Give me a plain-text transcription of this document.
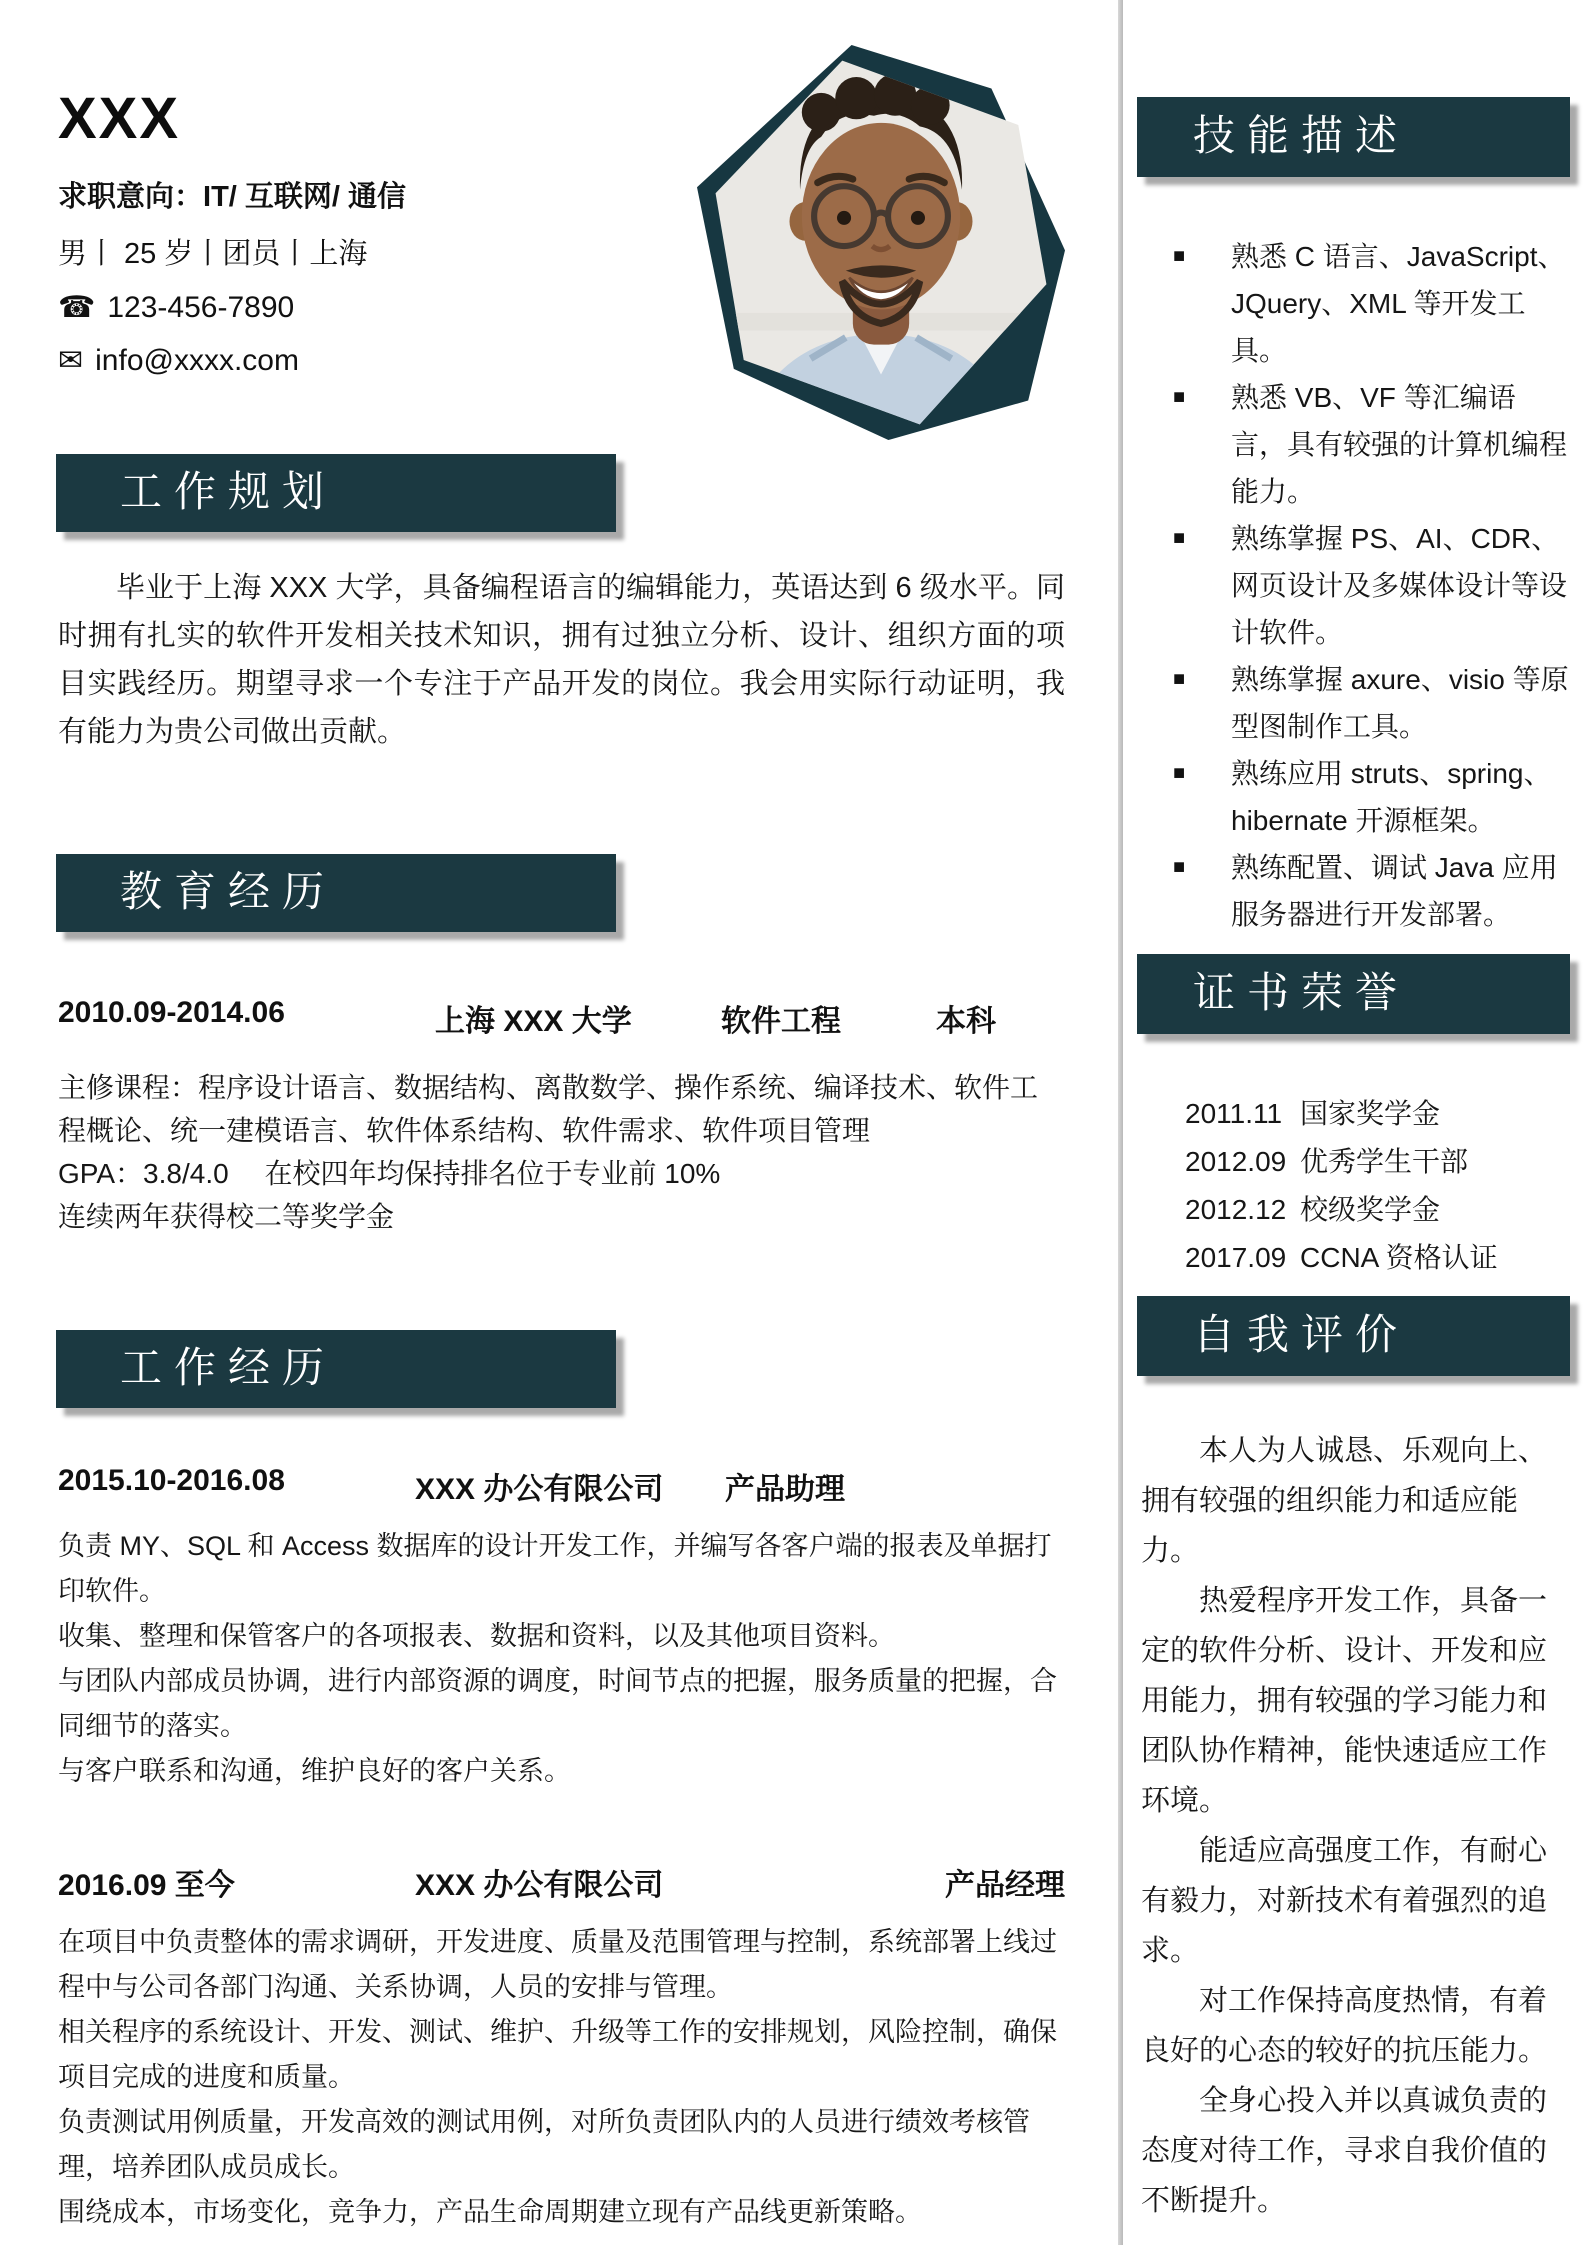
XXX
求职意向：IT/ 互联网/ 通信
男丨 25 岁丨团员丨上海
☎ 123-456-7890
✉ info@xxxx.com
工作规划

毕业于上海 XXX 大学，具备编程语言的编辑能力，英语达到 6 级水平。同时拥有扎实的软件开发相关技术知识，拥有过独立分析、设计、组织方面的项目实践经历。期望寻求一个专注于产品开发的岗位。我会用实际行动证明，我有能力为贵公司做出贡献。

教育经历
2010.09-2014.06	上海 XXX 大学	软件工程	本科

主修课程：程序设计语言、数据结构、离散数学、操作系统、编译技术、软件工程概论、统一建模语言、软件体系结构、软件需求、软件项目管理

GPA：3.8/4.0　 在校四年均保持排名位于专业前 10%

连续两年获得校二等奖学金

工作经历
2015.10-2016.08	XXX 办公有限公司	产品助理

负责 MY、SQL 和 Access 数据库的设计开发工作，并编写各客户端的报表及单据打印软件。

收集、整理和保管客户的各项报表、数据和资料，以及其他项目资料。

与团队内部成员协调，进行内部资源的调度，时间节点的把握，服务质量的把握，合同细节的落实。

与客户联系和沟通，维护良好的客户关系。

2016.09 至今	XXX 办公有限公司	产品经理

在项目中负责整体的需求调研，开发进度、质量及范围管理与控制，系统部署上线过程中与公司各部门沟通、关系协调，人员的安排与管理。

相关程序的系统设计、开发、测试、维护、升级等工作的安排规划，风险控制，确保项目完成的进度和质量。

负责测试用例质量，开发高效的测试用例，对所负责团队内的人员进行绩效考核管理，培养团队成员成长。

围绕成本，市场变化，竞争力，产品生命周期建立现有产品线更新策略。

技能描述
■	熟悉 C 语言、JavaScript、JQuery、XML 等开发工具。
■	熟悉 VB、VF 等汇编语言，具有较强的计算机编程能力。
■	熟练掌握 PS、AI、CDR、网页设计及多媒体设计等设计软件。
■	熟练掌握 axure、visio 等原型图制作工具。
■	熟练应用 struts、spring、hibernate 开源框架。
■	熟练配置、调试 Java 应用服务器进行开发部署。
证书荣誉
2011.11 国家奖学金
2012.09 优秀学生干部
2012.12 校级奖学金
2017.09 CCNA 资格认证
自我评价

本人为人诚恳、乐观向上、拥有较强的组织能力和适应能力。

热爱程序开发工作，具备一定的软件分析、设计、开发和应用能力，拥有较强的学习能力和团队协作精神，能快速适应工作环境。

能适应高强度工作，有耐心有毅力，对新技术有着强烈的追求。

对工作保持高度热情，有着良好的心态的较好的抗压能力。

全身心投入并以真诚负责的态度对待工作，寻求自我价值的不断提升。
